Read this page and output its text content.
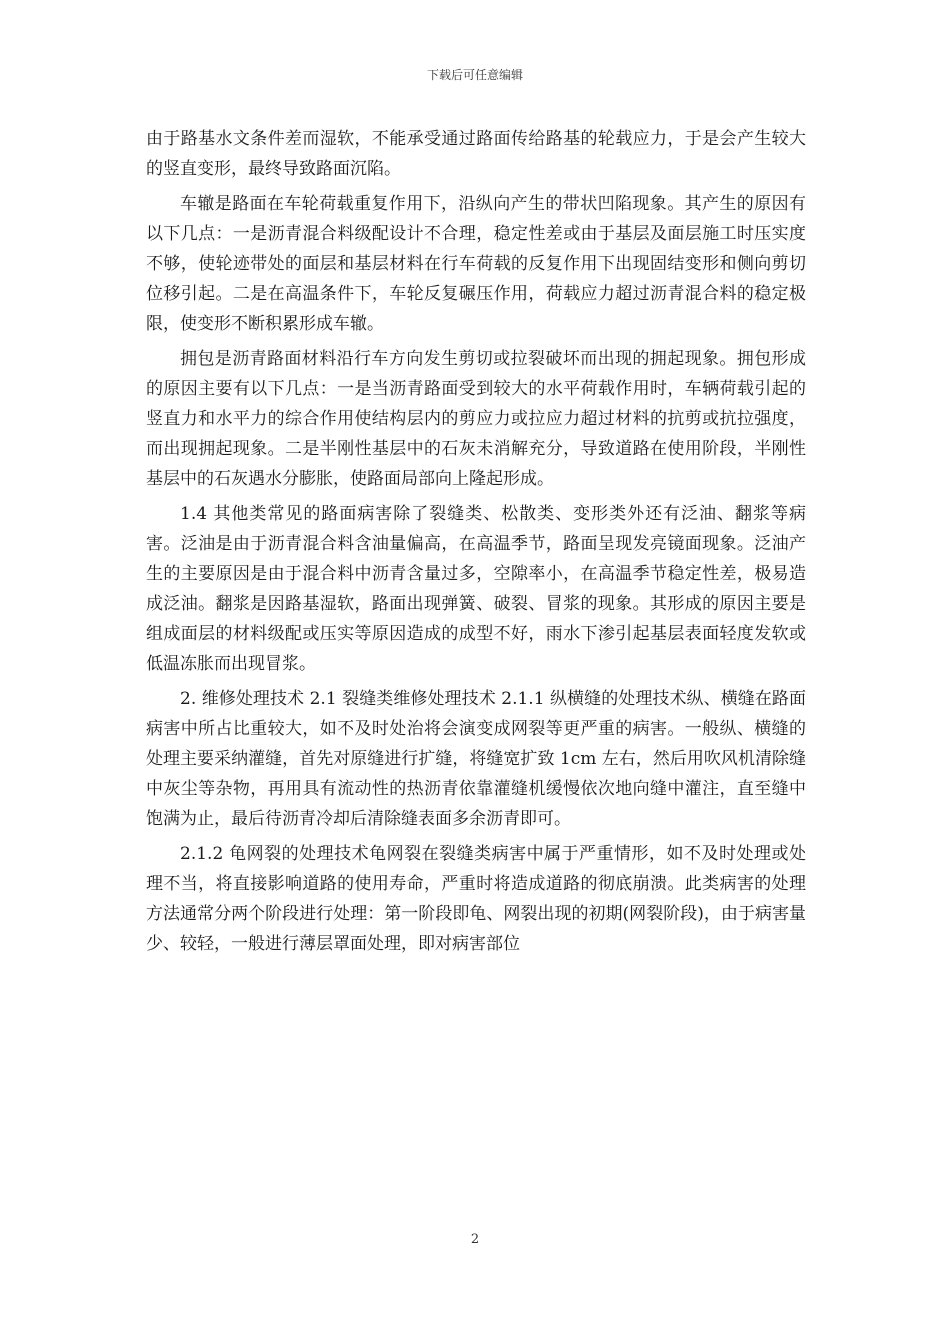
下载后可任意编辑

由于路基水文条件差而湿软，不能承受通过路面传给路基的轮载应力，于是会产生较大的竖直变形，最终导致路面沉陷。

车辙是路面在车轮荷载重复作用下，沿纵向产生的带状凹陷现象。其产生的原因有以下几点：一是沥青混合料级配设计不合理，稳定性差或由于基层及面层施工时压实度不够，使轮迹带处的面层和基层材料在行车荷载的反复作用下出现固结变形和侧向剪切位移引起。二是在高温条件下，车轮反复碾压作用，荷载应力超过沥青混合料的稳定极限，使变形不断积累形成车辙。

拥包是沥青路面材料沿行车方向发生剪切或拉裂破坏而出现的拥起现象。拥包形成的原因主要有以下几点：一是当沥青路面受到较大的水平荷载作用时，车辆荷载引起的竖直力和水平力的综合作用使结构层内的剪应力或拉应力超过材料的抗剪或抗拉强度，而出现拥起现象。二是半刚性基层中的石灰未消解充分，导致道路在使用阶段，半刚性基层中的石灰遇水分膨胀，使路面局部向上隆起形成。

1.4 其他类常见的路面病害除了裂缝类、松散类、变形类外还有泛油、翻浆等病害。泛油是由于沥青混合料含油量偏高，在高温季节，路面呈现发亮镜面现象。泛油产生的主要原因是由于混合料中沥青含量过多，空隙率小，在高温季节稳定性差，极易造成泛油。翻浆是因路基湿软，路面出现弹簧、破裂、冒浆的现象。其形成的原因主要是组成面层的材料级配或压实等原因造成的成型不好，雨水下渗引起基层表面轻度发软或低温冻胀而出现冒浆。

2. 维修处理技术 2.1 裂缝类维修处理技术 2.1.1 纵横缝的处理技术纵、横缝在路面病害中所占比重较大，如不及时处治将会演变成网裂等更严重的病害。一般纵、横缝的处理主要采纳灌缝，首先对原缝进行扩缝，将缝宽扩致 1cm 左右，然后用吹风机清除缝中灰尘等杂物，再用具有流动性的热沥青依靠灌缝机缓慢依次地向缝中灌注，直至缝中饱满为止，最后待沥青冷却后清除缝表面多余沥青即可。

2.1.2 龟网裂的处理技术龟网裂在裂缝类病害中属于严重情形，如不及时处理或处理不当，将直接影响道路的使用寿命，严重时将造成道路的彻底崩溃。此类病害的处理方法通常分两个阶段进行处理：第一阶段即龟、网裂出现的初期(网裂阶段)，由于病害量少、较轻，一般进行薄层罩面处理，即对病害部位

2
